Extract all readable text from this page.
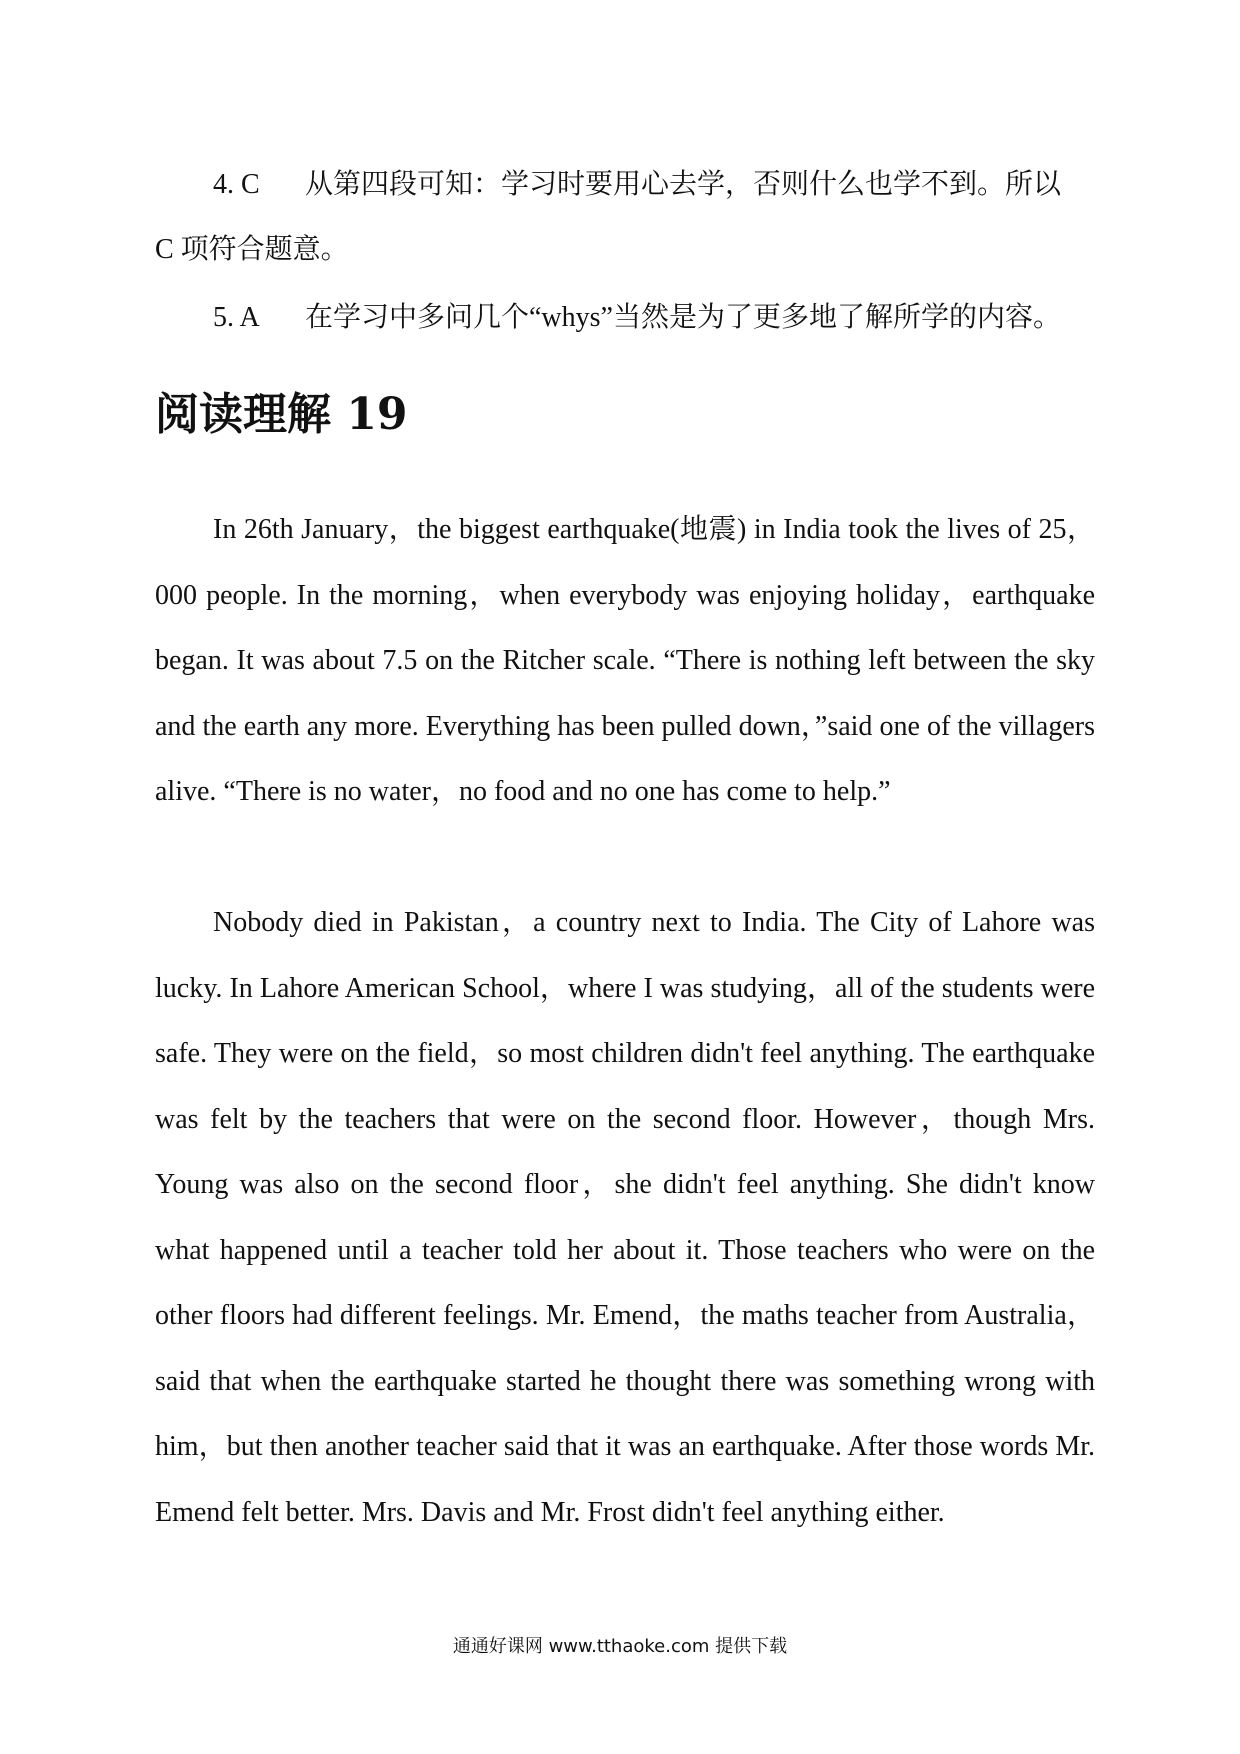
4. C 从第四段可知：学习时要用心去学，否则什么也学不到。所以
C 项符合题意。

5. A 在学习中多问几个“whys”当然是为了更多地了解所学的内容。

阅读理解 19

In 26th January，the biggest earthquake(地震) in India took the lives of 25，000 people. In the morning，when everybody was enjoying holiday，earthquake began. It was about 7.5 on the Ritcher scale. “There is nothing left between the sky and the earth any more. Everything has been pulled down，”said one of the villagers alive. “There is no water，no food and no one has come to help.”

Nobody died in Pakistan，a country next to India. The City of Lahore was lucky. In Lahore American School，where I was studying，all of the students were safe. They were on the field，so most children didn't feel anything. The earthquake was felt by the teachers that were on the second floor. However，though Mrs. Young was also on the second floor，she didn't feel anything. She didn't know what happened until a teacher told her about it. Those teachers who were on the other floors had different feelings. Mr. Emend，the maths teacher from Australia，said that when the earthquake started he thought there was something wrong with him，but then another teacher said that it was an earthquake. After those words Mr. Emend felt better. Mrs. Davis and Mr. Frost didn't feel anything either.

通通好课网 www.tthaoke.com 提供下载
